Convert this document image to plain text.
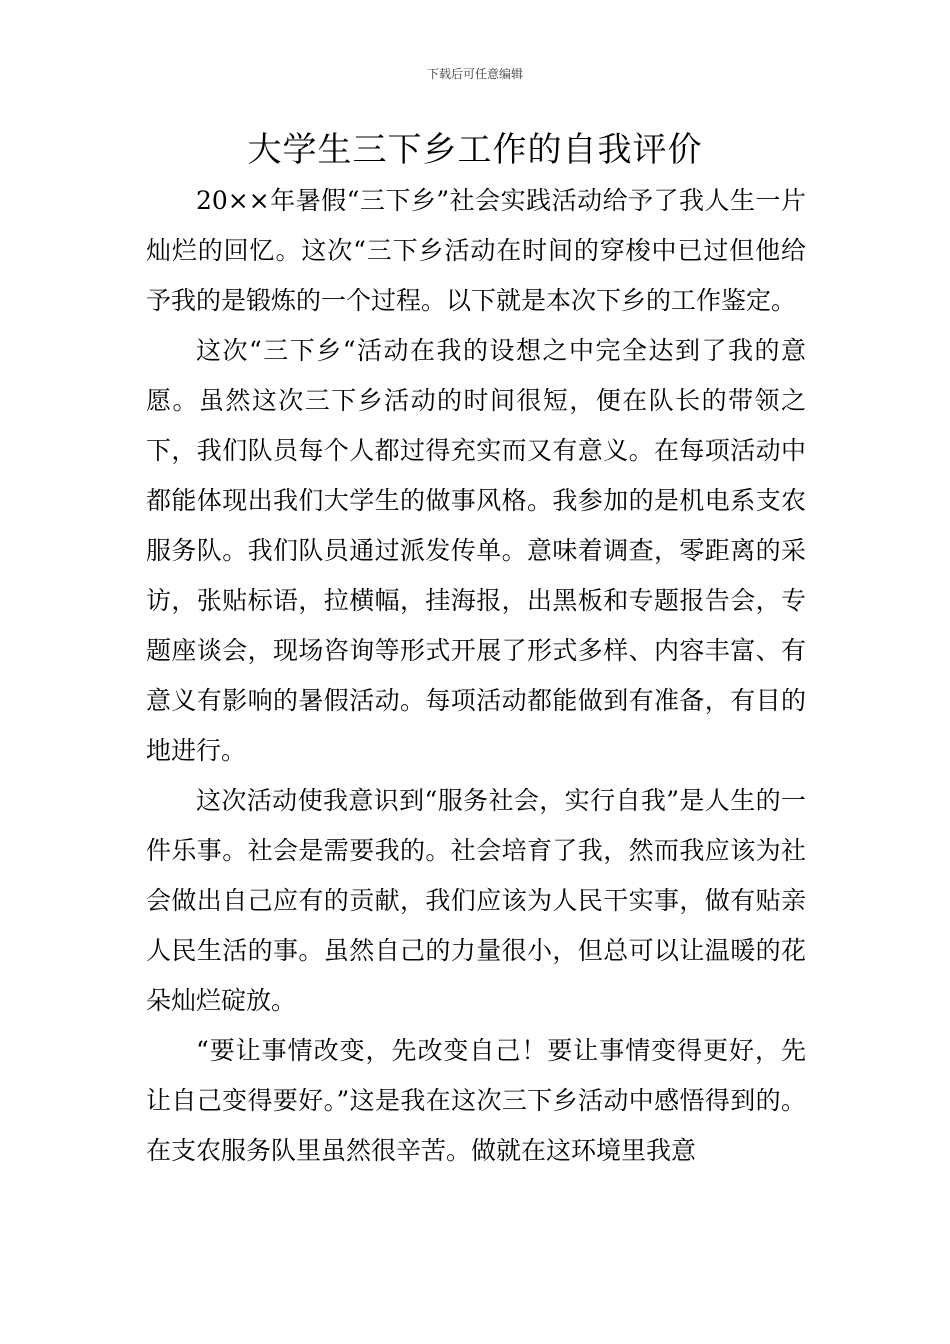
下载后可任意编辑
大学生三下乡工作的自我评价

20××年暑假“三下乡”社会实践活动给予了我人生一片灿烂的回忆。这次“三下乡活动在时间的穿梭中已过但他给予我的是锻炼的一个过程。以下就是本次下乡的工作鉴定。

这次“三下乡“活动在我的设想之中完全达到了我的意愿。虽然这次三下乡活动的时间很短，便在队长的带领之下，我们队员每个人都过得充实而又有意义。在每项活动中都能体现出我们大学生的做事风格。我参加的是机电系支农服务队。我们队员通过派发传单。意味着调查，零距离的采访，张贴标语，拉横幅，挂海报，出黑板和专题报告会，专题座谈会，现场咨询等形式开展了形式多样、内容丰富、有意义有影响的暑假活动。每项活动都能做到有准备，有目的地进行。

这次活动使我意识到“服务社会，实行自我”是人生的一件乐事。社会是需要我的。社会培育了我，然而我应该为社会做出自己应有的贡献，我们应该为人民干实事，做有贴亲人民生活的事。虽然自己的力量很小，但总可以让温暖的花朵灿烂碇放。

“要让事情改变，先改变自己！要让事情变得更好，先让自己变得要好。”这是我在这次三下乡活动中感悟得到的。在支农服务队里虽然很辛苦。做就在这环境里我意
